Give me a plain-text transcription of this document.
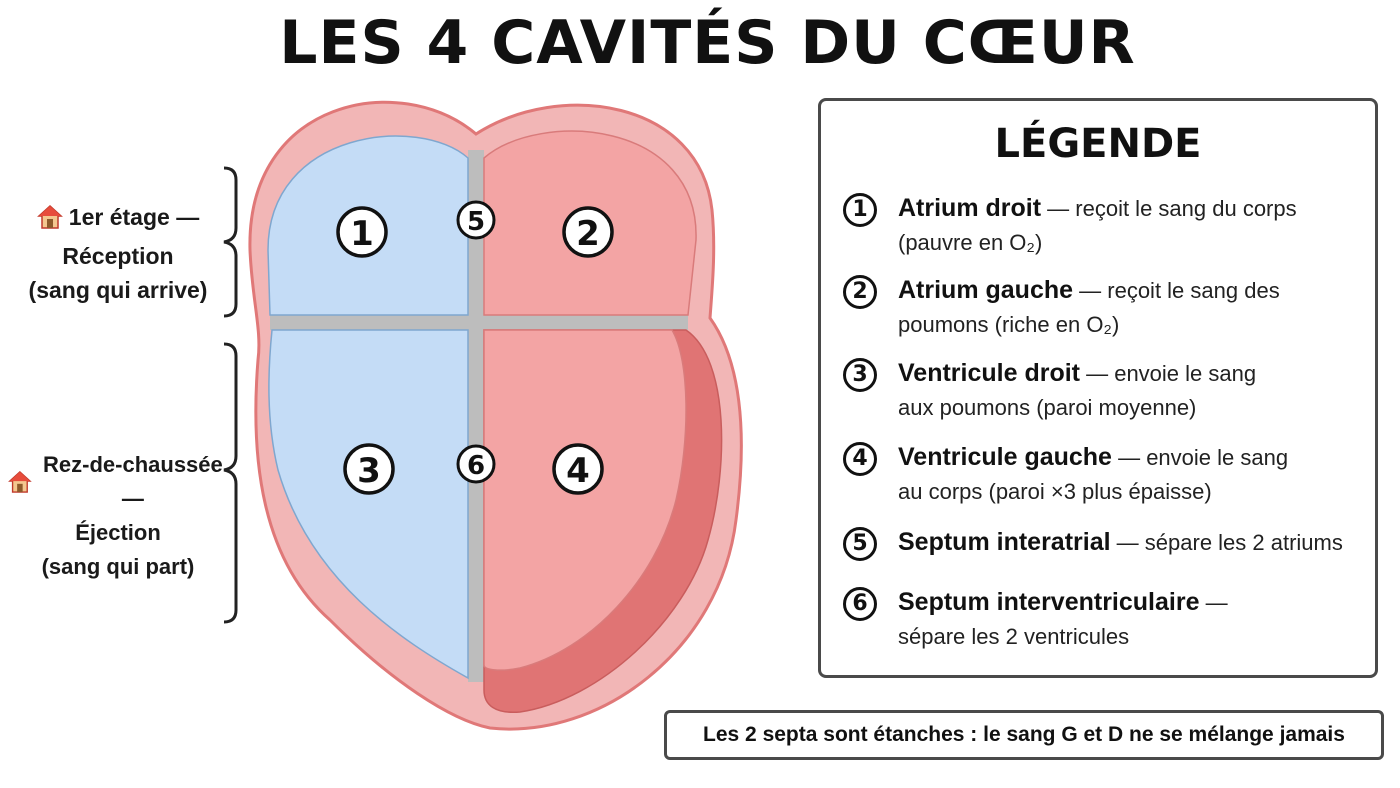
LES 4 CAVITÉS DU CŒUR
1er étage —
Réception
(sang qui arrive)
Rez-de-chaussée —
Éjection
(sang qui part)
1	2
3	4
5
6
LÉGENDE
1	Atrium droit — reçoit le sang du corps
(pauvre en O₂)
2	Atrium gauche — reçoit le sang des
poumons (riche en O₂)
3	Ventricule droit — envoie le sang
aux poumons (paroi moyenne)
4	Ventricule gauche — envoie le sang
au corps (paroi ×3 plus épaisse)
5	Septum interatrial — sépare les 2 atriums
6	Septum interventriculaire —
sépare les 2 ventricules
Les 2 septa sont étanches : le sang G et D ne se mélange jamais
